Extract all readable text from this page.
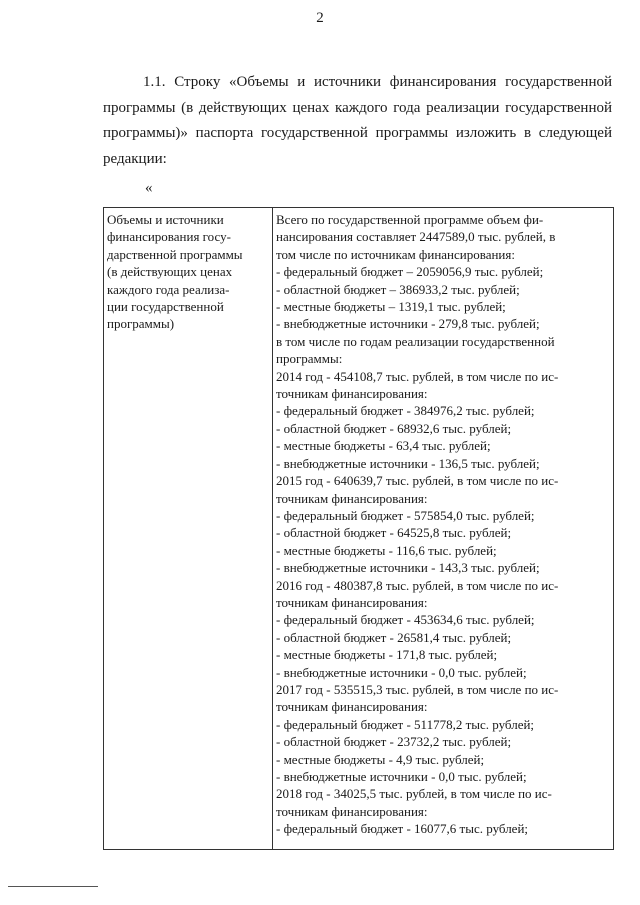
2

1.1. Строку «Объемы и источники финансирования государственной программы (в действующих ценах каждого года реализации государственной программы)» паспорта государственной программы изложить в следующей редакции:

«
Объемы и источники
финансирования госу-
дарственной программы
(в действующих ценах
каждого года реализа-
ции государственной
программы)

Всего по государственной программе объем фи-
нансирования составляет 2447589,0 тыс. рублей, в
том числе по источникам финансирования:
- федеральный бюджет – 2059056,9 тыс. рублей;
- областной бюджет – 386933,2 тыс. рублей;
- местные бюджеты – 1319,1 тыс. рублей;
- внебюджетные источники - 279,8 тыс. рублей;
в том числе по годам реализации государственной
программы:
2014 год - 454108,7 тыс. рублей, в том числе по ис-
точникам финансирования:
- федеральный бюджет - 384976,2 тыс. рублей;
- областной бюджет - 68932,6 тыс. рублей;
- местные бюджеты - 63,4 тыс. рублей;
- внебюджетные источники - 136,5 тыс. рублей;
2015 год - 640639,7 тыс. рублей, в том числе по ис-
точникам финансирования:
- федеральный бюджет - 575854,0 тыс. рублей;
- областной бюджет - 64525,8 тыс. рублей;
- местные бюджеты - 116,6 тыс. рублей;
- внебюджетные источники - 143,3 тыс. рублей;
2016 год - 480387,8 тыс. рублей, в том числе по ис-
точникам финансирования:
- федеральный бюджет - 453634,6 тыс. рублей;
- областной бюджет - 26581,4 тыс. рублей;
- местные бюджеты - 171,8 тыс. рублей;
- внебюджетные источники - 0,0 тыс. рублей;
2017 год - 535515,3 тыс. рублей, в том числе по ис-
точникам финансирования:
- федеральный бюджет - 511778,2 тыс. рублей;
- областной бюджет - 23732,2 тыс. рублей;
- местные бюджеты - 4,9 тыс. рублей;
- внебюджетные источники - 0,0 тыс. рублей;
2018 год - 34025,5 тыс. рублей, в том числе по ис-
точникам финансирования:
- федеральный бюджет - 16077,6 тыс. рублей;
